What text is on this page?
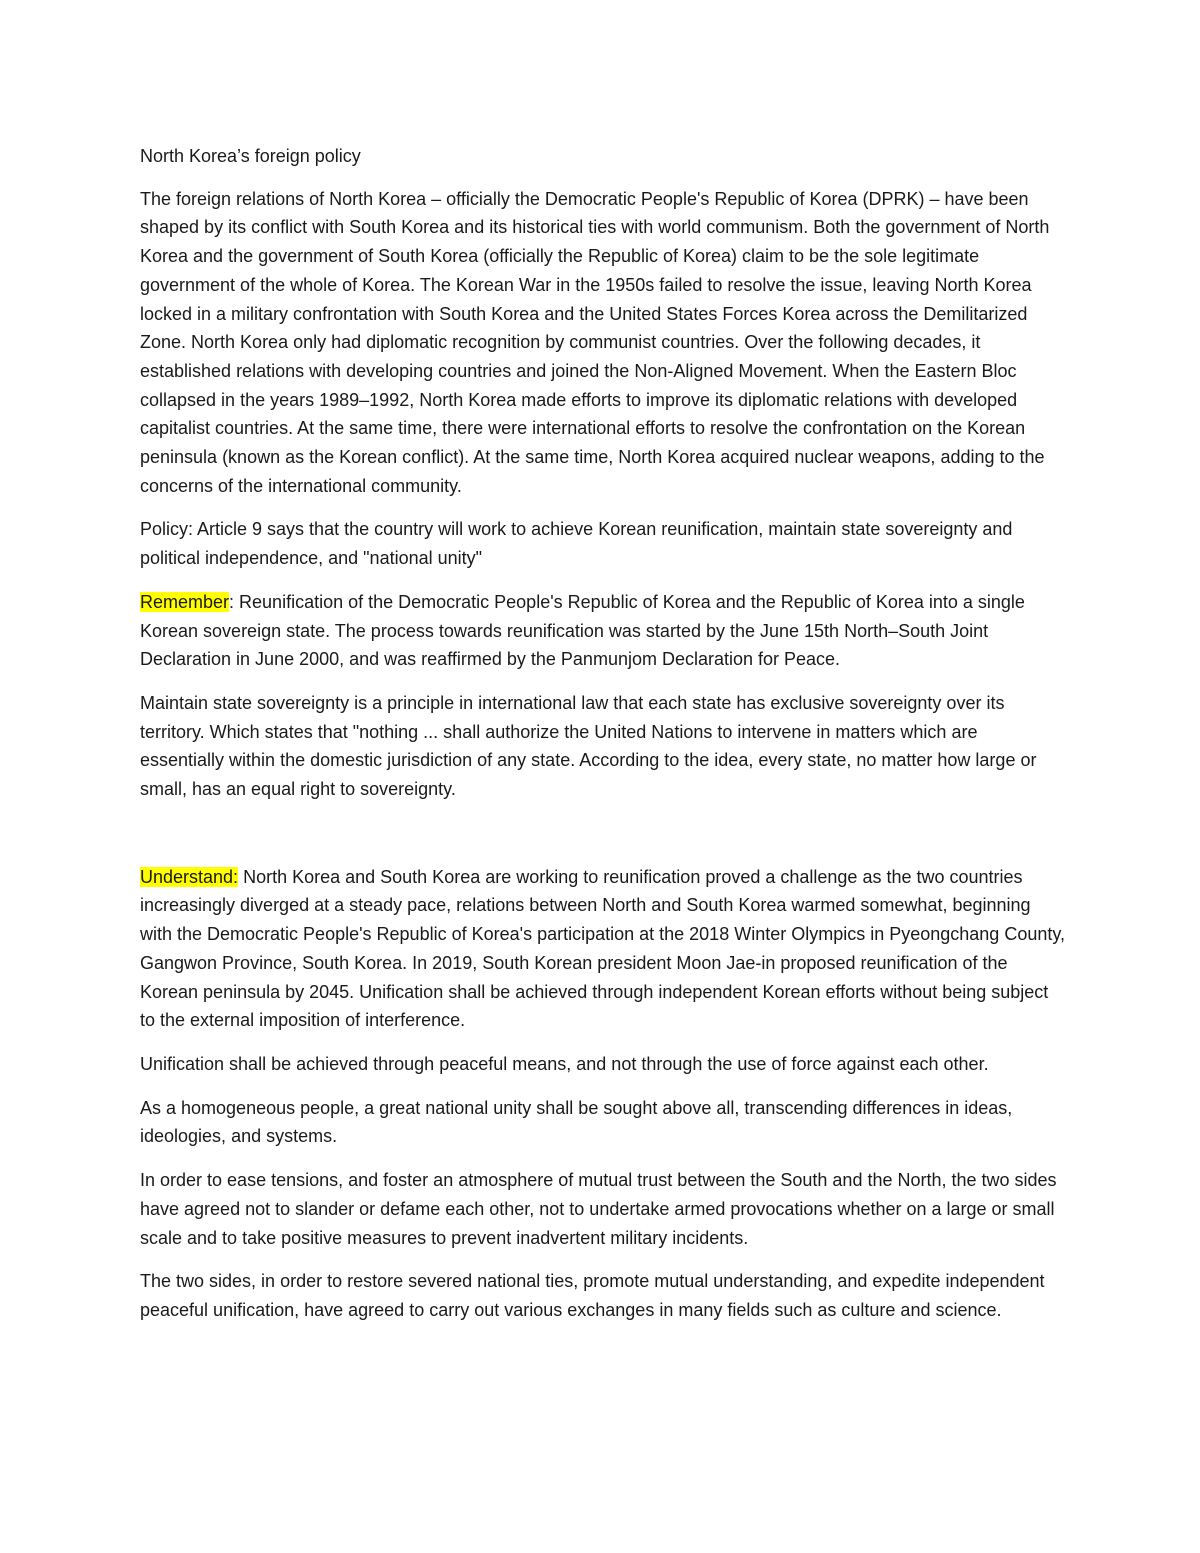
North Korea’s foreign policy

The foreign relations of North Korea – officially the Democratic People's Republic of Korea (DPRK) – have been shaped by its conflict with South Korea and its historical ties with world communism. Both the government of North Korea and the government of South Korea (officially the Republic of Korea) claim to be the sole legitimate government of the whole of Korea. The Korean War in the 1950s failed to resolve the issue, leaving North Korea locked in a military confrontation with South Korea and the United States Forces Korea across the Demilitarized Zone. North Korea only had diplomatic recognition by communist countries. Over the following decades, it established relations with developing countries and joined the Non-Aligned Movement. When the Eastern Bloc collapsed in the years 1989–1992, North Korea made efforts to improve its diplomatic relations with developed capitalist countries. At the same time, there were international efforts to resolve the confrontation on the Korean peninsula (known as the Korean conflict). At the same time, North Korea acquired nuclear weapons, adding to the concerns of the international community.

Policy: Article 9 says that the country will work to achieve Korean reunification, maintain state sovereignty and political independence, and "national unity"

Remember: Reunification of the Democratic People's Republic of Korea and the Republic of Korea into a single Korean sovereign state. The process towards reunification was started by the June 15th North–South Joint Declaration in June 2000, and was reaffirmed by the Panmunjom Declaration for Peace.

Maintain state sovereignty is a principle in international law that each state has exclusive sovereignty over its territory. Which states that "nothing ... shall authorize the United Nations to intervene in matters which are essentially within the domestic jurisdiction of any state. According to the idea, every state, no matter how large or small, has an equal right to sovereignty.

Understand: North Korea and South Korea are working to reunification proved a challenge as the two countries increasingly diverged at a steady pace, relations between North and South Korea warmed somewhat, beginning with the Democratic People's Republic of Korea's participation at the 2018 Winter Olympics in Pyeongchang County, Gangwon Province, South Korea. In 2019, South Korean president Moon Jae-in proposed reunification of the Korean peninsula by 2045. Unification shall be achieved through independent Korean efforts without being subject to the external imposition of interference.

Unification shall be achieved through peaceful means, and not through the use of force against each other.

As a homogeneous people, a great national unity shall be sought above all, transcending differences in ideas, ideologies, and systems.

In order to ease tensions, and foster an atmosphere of mutual trust between the South and the North, the two sides have agreed not to slander or defame each other, not to undertake armed provocations whether on a large or small scale and to take positive measures to prevent inadvertent military incidents.

The two sides, in order to restore severed national ties, promote mutual understanding, and expedite independent peaceful unification, have agreed to carry out various exchanges in many fields such as culture and science.
